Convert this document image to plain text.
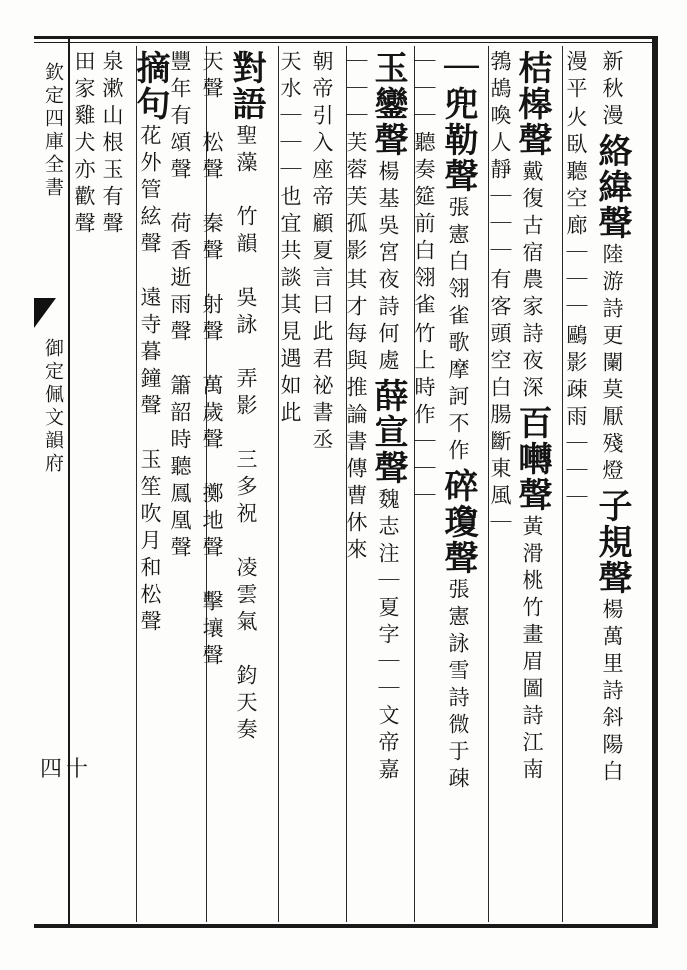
欽定四庫全書
御定佩文韻府
四十
新秋漫
絡緯聲
陸游詩更闌莫厭殘燈
子規聲
楊萬里詩斜陽白
漫平
火臥聽空廊｜｜｜
鷗影疎雨｜｜｜
桔槔聲
戴復古宿農家詩夜深
百囀聲
黃滑桃竹畫眉圖詩江南
鵓鴣喚人靜｜｜｜
有客頭空白腸斷東風｜
｜兜勒聲
張憲白翎雀歌摩訶不作
碎瓊聲
張憲詠雪詩微于疎
｜｜｜聽奏筵前白翎雀
竹上時作｜｜｜
玉鑾聲
楊基吳宮夜詩何處
薛宣聲
魏志注｜夏字｜｜文帝嘉
｜｜｜芙蓉芙孤影
其才每與推論書傳曹休來
朝帝引入座帝顧夏言曰此君祕書丞
天水｜｜｜也宜共談其見遇如此
對語
聖藻　竹韻　吳詠　弄影　三多祝　凌雲氣　鈞天奏
天聲　松聲　秦聲　射聲　萬歲聲　擲地聲　擊壤聲
豐年有頌聲　荷香逝雨聲　簫韶時聽鳳凰聲
摘句
花外管絃聲　遠寺暮鐘聲　玉笙吹月和松聲
泉漱山根玉有聲
田家雞犬亦歡聲
